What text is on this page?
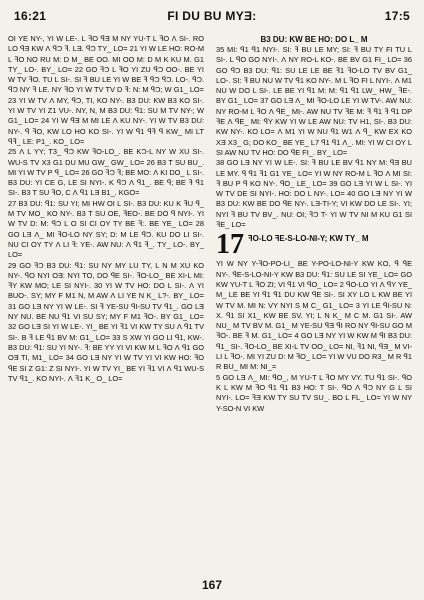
16:21	FI DU BU MYƎ:	17:5

OI YE NY-, YI W LE-. L ꟻO ꟼƎ M NY YU-T L ꟻO Ʌ SI-. RO LO ꟼƎ KW Ʌ ꟼƆ ꟻ. LƎ. ꟼƆ TY_ LO= 21 YI W LE HO: RO-M L ꟻO NO RU M: D M_ BE OO. MI OO M: D M K KU M. G1 TY_ LO-. BY_ LO= 22 GO ꟻƆ L ꟻO YI ZU ꟼƆ OO-. BE YI W TV ꟻO. TU L SI-. SI ꟻ BU LE YI W BE ꟻ ꟼƆ ꟼƆ. LO-. ꟼƆ. ꟼƆ NY ꟻ LE. NY ꟻO YI W TV TV D ꟻ: N: M ꟼƆ; W G1_ LO= 23 YI W TV Ʌ MY, ꟼƆ, TI, KO NY-. B3 DU: KW B3 KO SI-. YI W TV YI Z1 VU-. NY, N, M B3 DU: ꟼ1: SU M TV NY-; W G1_ LO= 24 YI W ꟼƎ M MI LE Ʌ KU NY-. YI W TV B3 DU: NY-. ꟼ ꟻO, KW LO HO KO SI-. YI W ꟼ1 ꟼꟻ ꟼ KW_ MI LT ꟼꟻ_ LE: P1_. KO_ LO=

25 Ʌ L YY; T3_ ꟼƆ KW ꟻO-LO_. BE KƆ-L NY W XU SI-. WU-S TV X3 G1 DU MU GW_ GW_ LO= 26 B3 T SU BU_. MI YI W TV P ꟼ_ LO= 26 GO ꟻƆ ꟻ; BE MO: Ʌ KI DO_ L SI-. B3 DU: YI CE G, LE SI NYI-. K ꟼƆ Ʌ ꟼ1_. BE ꟼ; BE ꟻ ꟼ1 SI-. B3 T SU ꟻO, C Ʌ ꟼ1 LƎ B1_. KGO=

27 B3 DU: ꟼ1: SU YI; MI HW OI L SI-. B3 DU: KU K ꟻU ꟼ_ M TV MO_ KO NY-. B3 T SU OE, ꟻEO-. BE DO ꟼ NYI-. YI W TV D: M: ꟼƆ L O SI CI OY TY BE ꟻ:. BE YE_ LO= 28 GO LƎ Ʌ_ MI ꟻO-LO NY SY; D: M LE ꟼƆ. KU DO LI SI-. NU CI OY TY Ʌ LI ꟻ: YE-. AW NU: Ʌ ꟼ1 ꟻ_. TY_ LO-. BY_ LO=

29 GO ꟻƆ B3 DU: ꟼ1: SU NY MY LU TY, L N M XU KO NY-. ꟼO NYI OƎ: NYI TO, DO ꟼE SI-. ꟻO-LO_ BE XI-L MI: ꟻY KW MO; LE SI NYI-. 30 YI W TV HO: DO L SI-. Ʌ YI BUO-. SY; MY F M1 N, M AW Ʌ LI YE N K_ L?-. BY_ LO= 31 GO LƎ NY YI W LE-. SI ꟻ YE-SU ꟼI-SU TV ꟼ1_. GO LƎ NY NU. BE NU ꟼ1 VI SU SY; MY F M1 ꟻO-. BY G1_ LO= 32 GO LƎ SI YI W LE-. YI_ BE YI ꟻ1 VI KW TY SU Ʌ ꟼ1 TV SI-. B ꟻ LE ꟼ1 BV M: G1_ LO= 33 S XW YI GO LI ꟼ1, KW-. B3 DU: ꟼ1: SU YI NY-. ꟻ: BE YY YI VI KW M L ꟻO Ʌ ꟼ1 GO OƎ TI, M1_ LO= 34 GO LƎ NY YI W TV YI VI KW HO: ꟻO ꟼE SI Z G1: Z SI NYI-. YI W TV YI_ BE YI ꟻ1 VI Ʌ ꟼ1 WU-S TV ꟼ1_. KO NYI-. Ʌ ꟻ1 K_ O_ LO=

B3 DU: KW BE HO: DO L_ M

35 MI: ꟼ1 ꟼ1 NYI-. SI: ꟻ BU LE MY; SI: ꟻ BU TY FI TU L SI-. L ꟼO GO NYI-. Ʌ NY RO-L KO-. BE BV G1 FI_ LO= 36 GO ꟼƆ B3 DU: ꟼ1: SU LE LE BE ꟻ1 ꟻO-LO TV BV G1_ LO-. SI: ꟻ BU NU W TV ꟼ1 KO NY-. M L ꟻO FI L NYI-. Ʌ M1 NU W DO L SI-. LE BE YI ꟼ1 M: M: ꟼ1 ꟼ1 LW_ HW_ ꟻE-. BY G1_ LO= 37 GO LƎ Ʌ_ MI ꟻO-LO LE YI W TV-. AW NU: NY RO-M L ꟻO Ʌ ꟼE_ MI-. AW NU TV ꟻE M: ꟻ ꟼ1 ꟻ ꟼ1 DP ꟻE Ʌ ꟼE_ MI: ꟼY KW YI W LE AW NU: TV H1, SI-. B3 DU: KW NY-. KO LO= Ʌ M1 YI W NU ꟼ1 W1 Ʌ ꟼ_ KW EX KO XƎ X3_ G; DO KO_ BE YE_ L7 ꟼ1 ꟼ1 Ʌ_. MI: YI W CI OY L SI AW NU TV HO: DO ꟼE FI_. BY_ LO=

38 GO LƎ NY YI W LE-. SI: ꟻ BU LE BV ꟼ1 NY M: ꟼƎ BU LE MY. ꟼ ꟼ1 ꟻ1 G1 YE_ LO= YI W NY RO-M L ꟻO Ʌ MI SI: ꟻ BU P ꟼ KO NY-. ꟼO_ LE_ LO= 39 GO LƎ YI W L SI-. YI W TV DE SI NYI-. HO: DO L NY-. LO= 40 GO LƎ NY YI W B3 DU: KW BE DO ꟼE NY-. LƎ-TI-Y; VI KW DO LE SI-. YI; NYI ꟻ BU TV BV_. NU: OI; ꟻƆ T- YI W TV NI M KU G1 SI ꟻE_ LO=

17 ꟻO-LO ꟻE-S-LO-NI-Y; KW TY_ M

YI W NY Y-ꟻO-PO-LI_ BE Y-PO-LO-NI-Y KW KO, ꟼ ꟼE NY-. ꟼE-S-LO-NI-Y KW B3 DU: ꟼ1: SU LE SI YE_ LO= GO KW YU-T L ꟻO ZI; VI ꟼ1 VI ꟼO_ LO= 2 ꟼO-LO YI Ʌ ꟼY YE_ M_ LE BE YI ꟼ1 ꟼ1 DU KW ꟼE SI-. SI XY LO L KW BE YI W TV M. MI N: VY NYI S M C_ G1_ LO= 3 YI LE ꟼI-SU N: X. ꟼ1 SI X1_ KW BE SV. YI; L N K_ M C M. G1 SI-. AW NU_ M TV BV M. G1_ M YE-SU ꟼƎ ꟼI RO NY ꟼI-SU GO M ꟻO-. BE ꟻ M. G1_ LO= 4 GO LƎ NY YI W KW M ꟼI B3 DU: ꟼ1_ SI-. ꟻO-LO_ BE XI-L TV OO_ LO= NI, ꟻ1 NI, ꟼƎ_ M VI-LI L ꟻO-. MI YI ZU D: M ꟻO_ LO= YI W VU DO R3_ M R ꟼ1 R BU_ MI M: NI_=

5 GO LƎ Ʌ_ MI: ꟼO_, M YU-T L ꟻO MY VY. TU ꟼ1 SI-. ꟼO K L KW M ꟻO ꟼ1 ꟼ1 B3 HO: T SI-. ꟼO Ʌ ꟼƆ NY G L SI NYI-. LO= ꟻƎ KW TY SU TV SU_. BO L FL_ LO= YI W NY Y-SO-N VI KW

167
